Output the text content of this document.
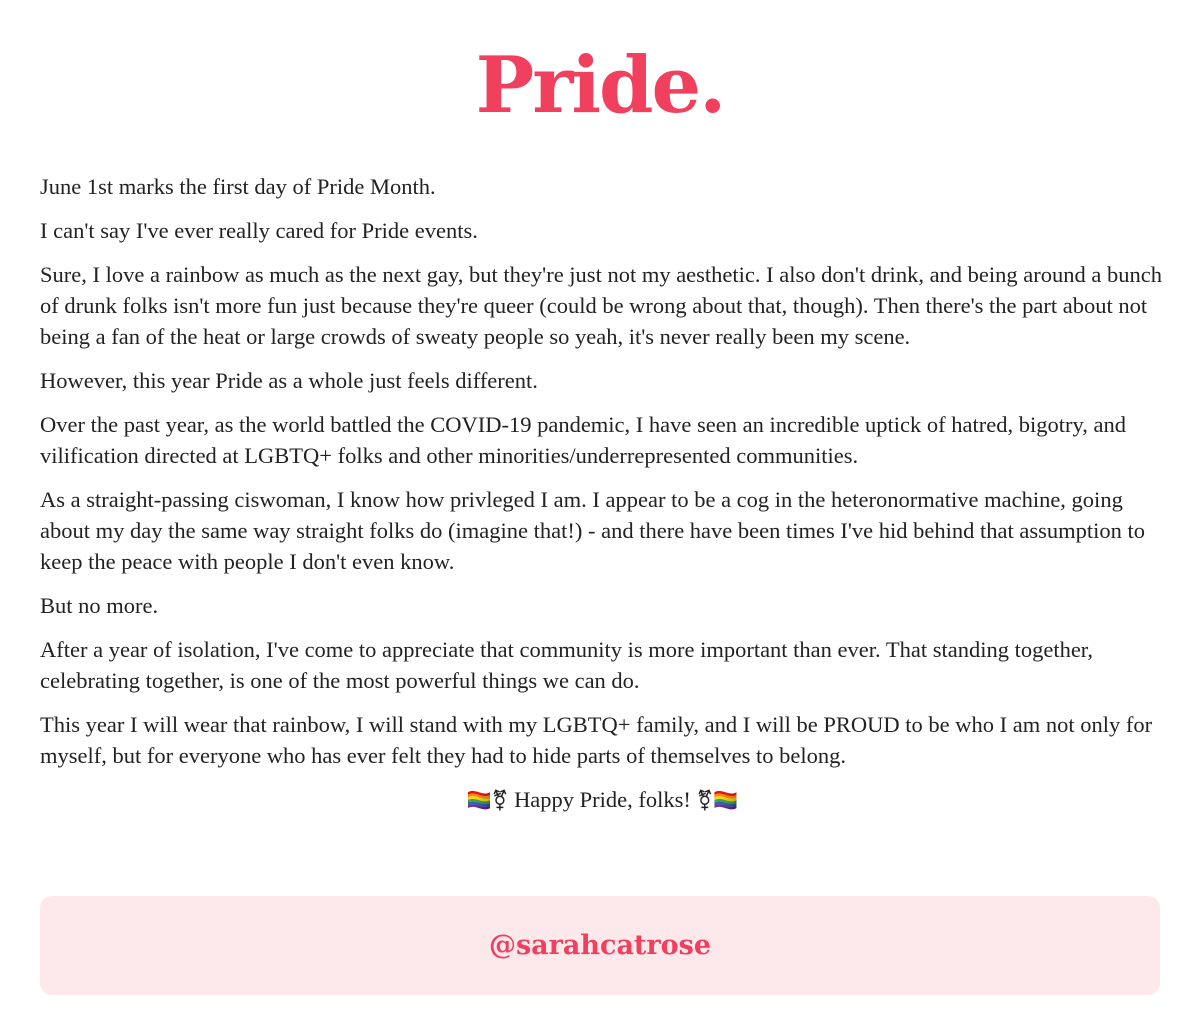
Pride.

June 1st marks the first day of Pride Month.

I can't say I've ever really cared for Pride events.

Sure, I love a rainbow as much as the next gay, but they're just not my aesthetic. I also don't drink, and being around a bunch of drunk folks isn't more fun just because they're queer (could be wrong about that, though). Then there's the part about not being a fan of the heat or large crowds of sweaty people so yeah, it's never really been my scene.

However, this year Pride as a whole just feels different.

Over the past year, as the world battled the COVID-19 pandemic, I have seen an incredible uptick of hatred, bigotry, and vilification directed at LGBTQ+ folks and other minorities/underrepresented communities.

As a straight-passing ciswoman, I know how privleged I am. I appear to be a cog in the heteronormative machine, going about my day the same way straight folks do (imagine that!) - and there have been times I've hid behind that assumption to keep the peace with people I don't even know.

But no more.

After a year of isolation, I've come to appreciate that community is more important than ever. That standing together, celebrating together, is one of the most powerful things we can do.

This year I will wear that rainbow, I will stand with my LGBTQ+ family, and I will be PROUD to be who I am not only for myself, but for everyone who has ever felt they had to hide parts of themselves to belong.

🏳️‍🌈⚧ Happy Pride, folks! ⚧🏳️‍🌈

@sarahcatrose
